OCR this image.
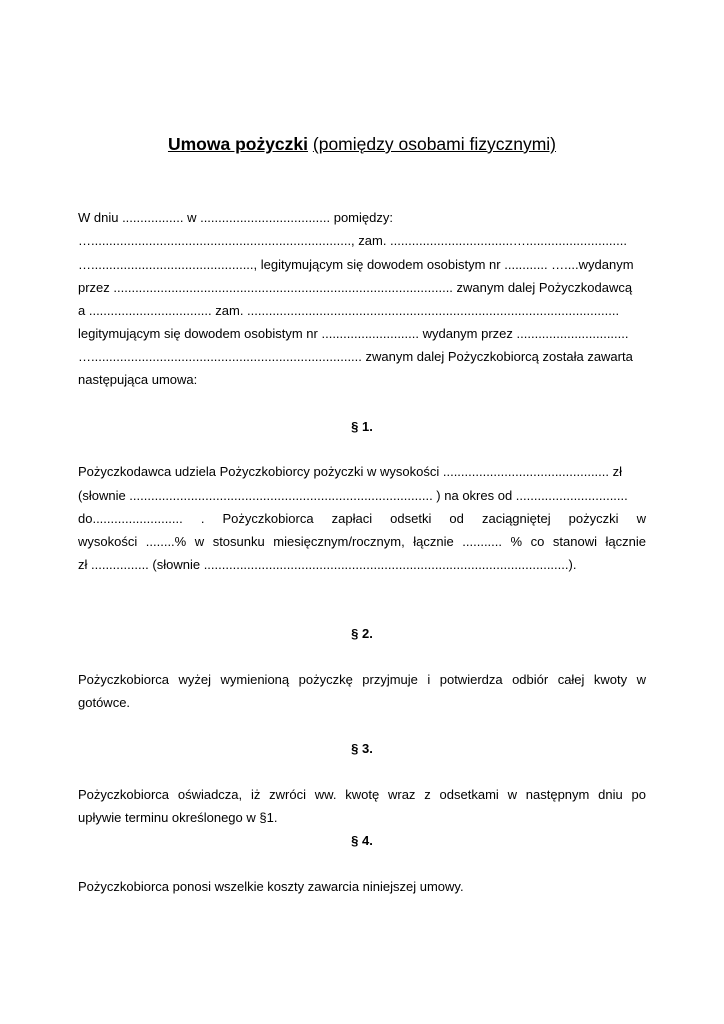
Umowa pożyczki (pomiędzy osobami fizycznymi)

W dniu ................. w .................................... pomiędzy:

…........................................................................, zam. ..................................…............................

…............................................., legitymującym się dowodem osobistym nr ............ …....wydanym

przez .............................................................................................. zwanym dalej Pożyczkodawcą

a .................................. zam. .......................................................................................................

legitymującym się dowodem osobistym nr ........................... wydanym przez ...............................

…........................................................................... zwanym dalej Pożyczkobiorcą została zawarta

następująca umowa:

§ 1.

Pożyczkodawca udziela Pożyczkobiorcy pożyczki w wysokości .............................................. zł

(słownie .................................................................................... ) na okres od ...............................

do......................... . Pożyczkobiorca zapłaci odsetki od zaciągniętej pożyczki w

wysokości ........% w stosunku miesięcznym/rocznym, łącznie ........... % co stanowi łącznie

zł ................ (słownie .....................................................................................................).

§ 2.

Pożyczkobiorca wyżej wymienioną pożyczkę przyjmuje i potwierdza odbiór całej kwoty w

gotówce.

§ 3.

Pożyczkobiorca oświadcza, iż zwróci ww. kwotę wraz z odsetkami w następnym dniu po

upływie terminu określonego w §1.

§ 4.

Pożyczkobiorca ponosi wszelkie koszty zawarcia niniejszej umowy.
